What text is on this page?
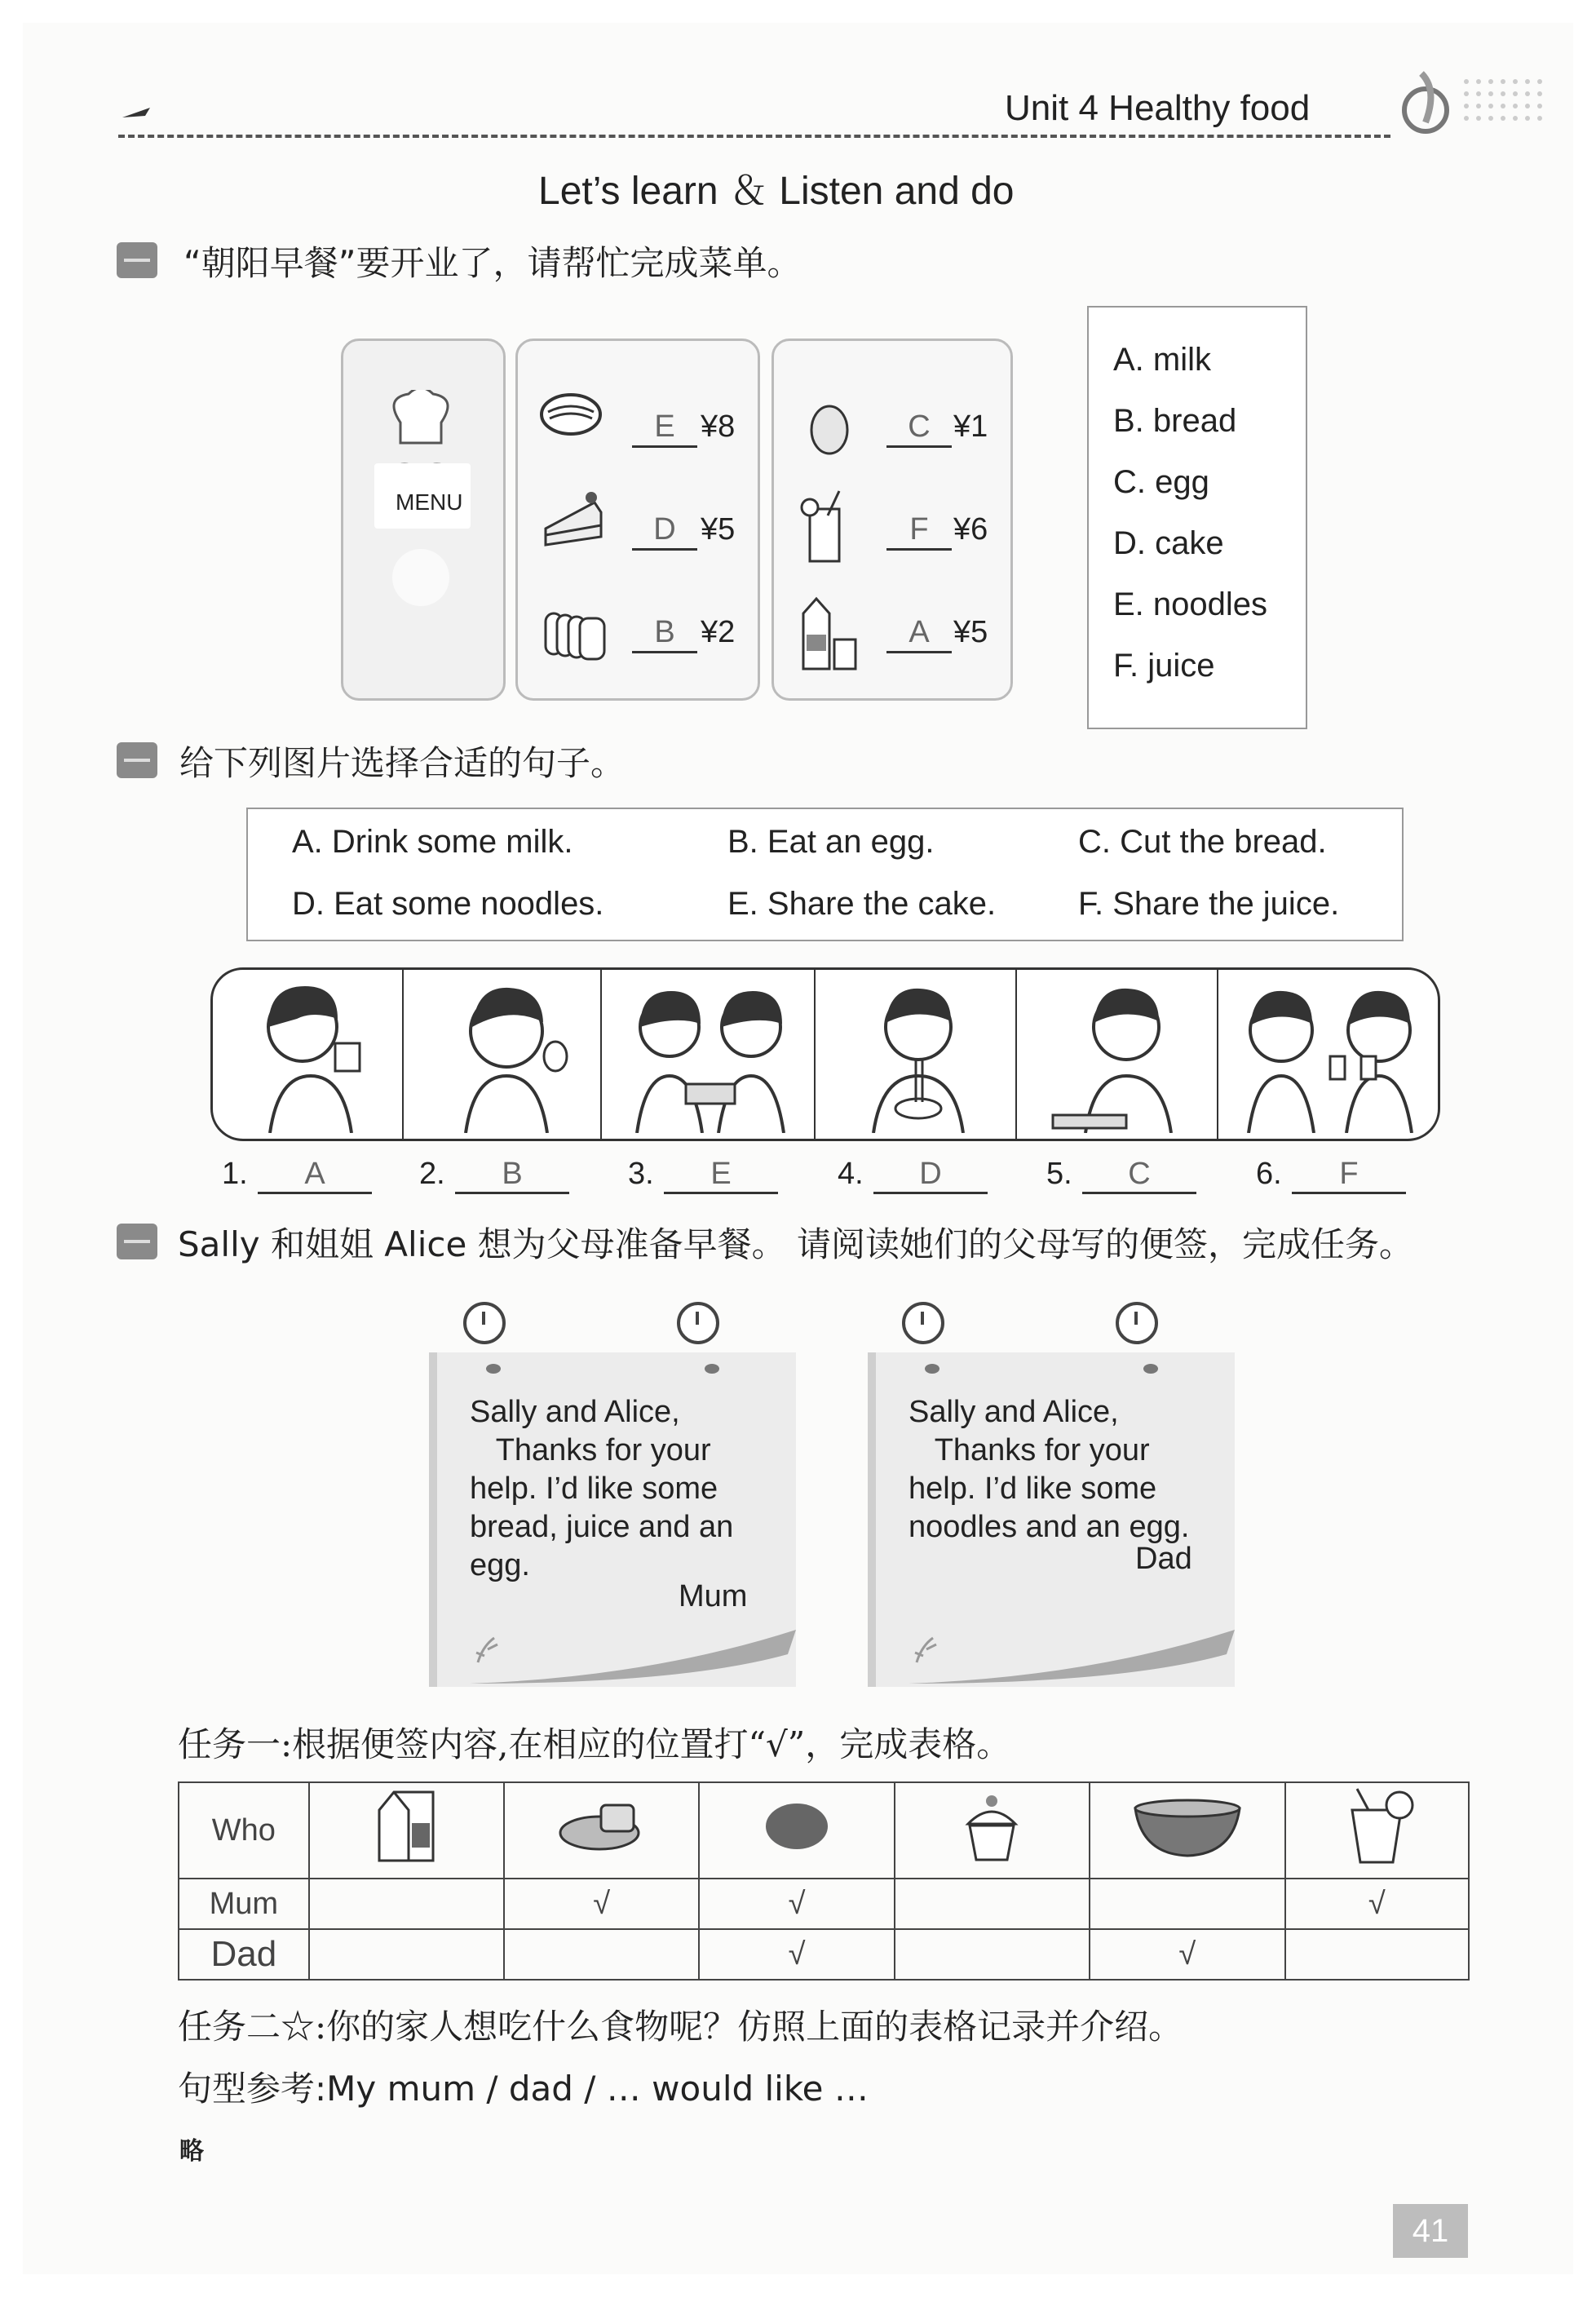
Unit 4 Healthy food
Let’s learn ＆ Listen and do
“朝阳早餐”要开业了，请帮忙完成菜单。
MENU
E ¥8
D ¥5
B ¥2
C ¥1
F ¥6
A ¥5
A. milk
B. bread
C. egg
D. cake
E. noodles
F. juice
给下列图片选择合适的句子。
A. Drink some milk.	B. Eat an egg.	C. Cut the bread.
D. Eat some noodles.	E. Share the cake.	F. Share the juice.
1.	A	2.	B	3.	E	4.	D	5.	C	6.	F
Sally 和姐姐 Alice 想为父母准备早餐。 请阅读她们的父母写的便签，完成任务。
Sally and Alice,
Thanks for your
help. I’d like some
bread, juice and an
egg.
Mum
Sally and Alice,
Thanks for your
help. I’d like some
noodles and an egg.
Dad
任务一:根据便签内容,在相应的位置打“√”，完成表格。
Who						
Mum		√	√			√
Dad			√		√	
任务二☆:你的家人想吃什么食物呢？仿照上面的表格记录并介绍。
句型参考:My mum / dad / … would like …
略
41
